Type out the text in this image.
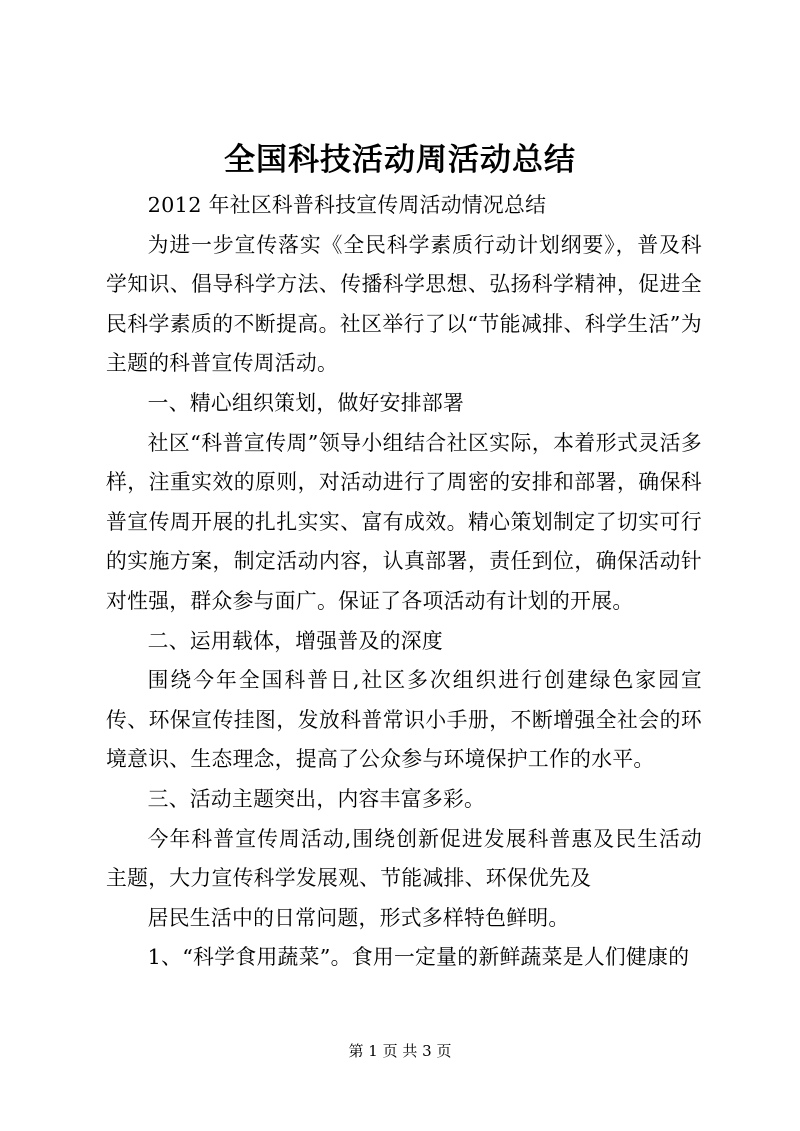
全国科技活动周活动总结

2012 年社区科普科技宣传周活动情况总结

为进一步宣传落实《全民科学素质行动计划纲要》，普及科学知识、倡导科学方法、传播科学思想、弘扬科学精神，促进全民科学素质的不断提高。社区举行了以“节能减排、科学生活”为主题的科普宣传周活动。

一、精心组织策划，做好安排部署

社区“科普宣传周”领导小组结合社区实际，本着形式灵活多样，注重实效的原则，对活动进行了周密的安排和部署，确保科普宣传周开展的扎扎实实、富有成效。精心策划制定了切实可行的实施方案，制定活动内容，认真部署，责任到位，确保活动针对性强，群众参与面广。保证了各项活动有计划的开展。

二、运用载体，增强普及的深度

围绕今年全国科普日,社区多次组织进行创建绿色家园宣传、环保宣传挂图，发放科普常识小手册，不断增强全社会的环境意识、生态理念，提高了公众参与环境保护工作的水平。

三、活动主题突出，内容丰富多彩。

今年科普宣传周活动,围绕创新促进发展科普惠及民生活动主题，大力宣传科学发展观、节能减排、环保优先及

居民生活中的日常问题，形式多样特色鲜明。

1、“科学食用蔬菜”。食用一定量的新鲜蔬菜是人们健康的

第 1 页 共 3 页
